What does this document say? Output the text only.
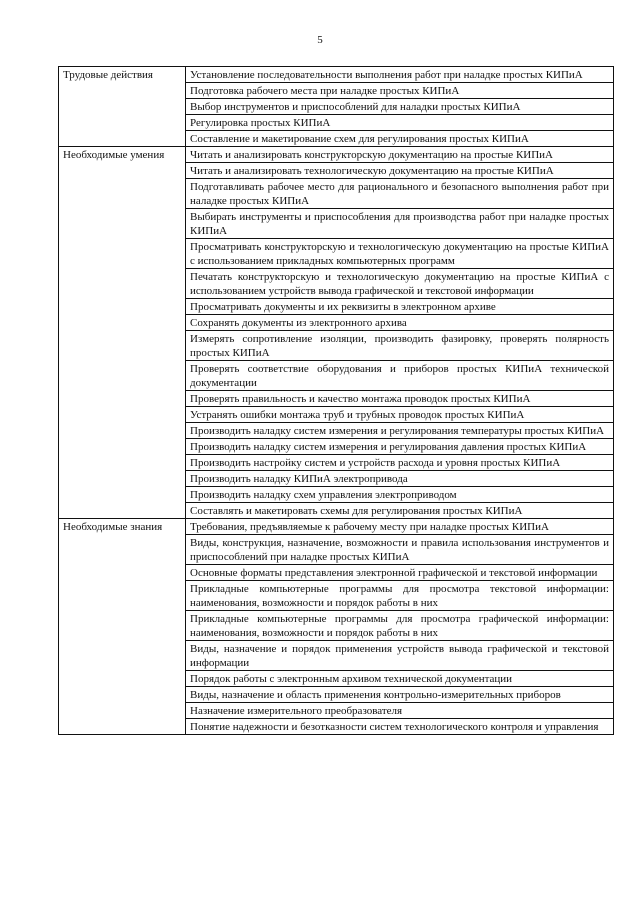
5
Трудовые действия	Установление последовательности выполнения работ при наладке простых КИПиА
	Подготовка рабочего места при наладке простых КИПиА
	Выбор инструментов и приспособлений для наладки простых КИПиА
	Регулировка простых КИПиА
	Составление и макетирование схем для регулирования простых КИПиА
Необходимые умения	Читать и анализировать конструкторскую документацию на простые КИПиА
	Читать и анализировать технологическую документацию на простые КИПиА
	Подготавливать рабочее место для рационального и безопасного выполнения работ при наладке простых КИПиА
	Выбирать инструменты и приспособления для производства работ при наладке простых КИПиА
	Просматривать конструкторскую и технологическую документацию на простые КИПиА с использованием прикладных компьютерных программ
	Печатать конструкторскую и технологическую документацию на простые КИПиА с использованием устройств вывода графической и текстовой информации
	Просматривать документы и их реквизиты в электронном архиве
	Сохранять документы из электронного архива
	Измерять сопротивление изоляции, производить фазировку, проверять полярность простых КИПиА
	Проверять соответствие оборудования и приборов простых КИПиА технической документации
	Проверять правильность и качество монтажа проводок простых КИПиА
	Устранять ошибки монтажа труб и трубных проводок простых КИПиА
	Производить наладку систем измерения и регулирования температуры простых КИПиА
	Производить наладку систем измерения и регулирования давления простых КИПиА
	Производить настройку систем и устройств расхода и уровня простых КИПиА
	Производить наладку КИПиА электропривода
	Производить наладку схем управления электроприводом
	Составлять и макетировать схемы для регулирования простых КИПиА
Необходимые знания	Требования, предъявляемые к рабочему месту при наладке простых КИПиА
	Виды, конструкция, назначение, возможности и правила использования инструментов и приспособлений при наладке простых КИПиА
	Основные форматы представления электронной графической и текстовой информации
	Прикладные компьютерные программы для просмотра текстовой информации: наименования, возможности и порядок работы в них
	Прикладные компьютерные программы для просмотра графической информации: наименования, возможности и порядок работы в них
	Виды, назначение и порядок применения устройств вывода графической и текстовой информации
	Порядок работы с электронным архивом технической документации
	Виды, назначение и область применения контрольно-измерительных приборов
	Назначение измерительного преобразователя
	Понятие надежности и безотказности систем технологического контроля и управления
